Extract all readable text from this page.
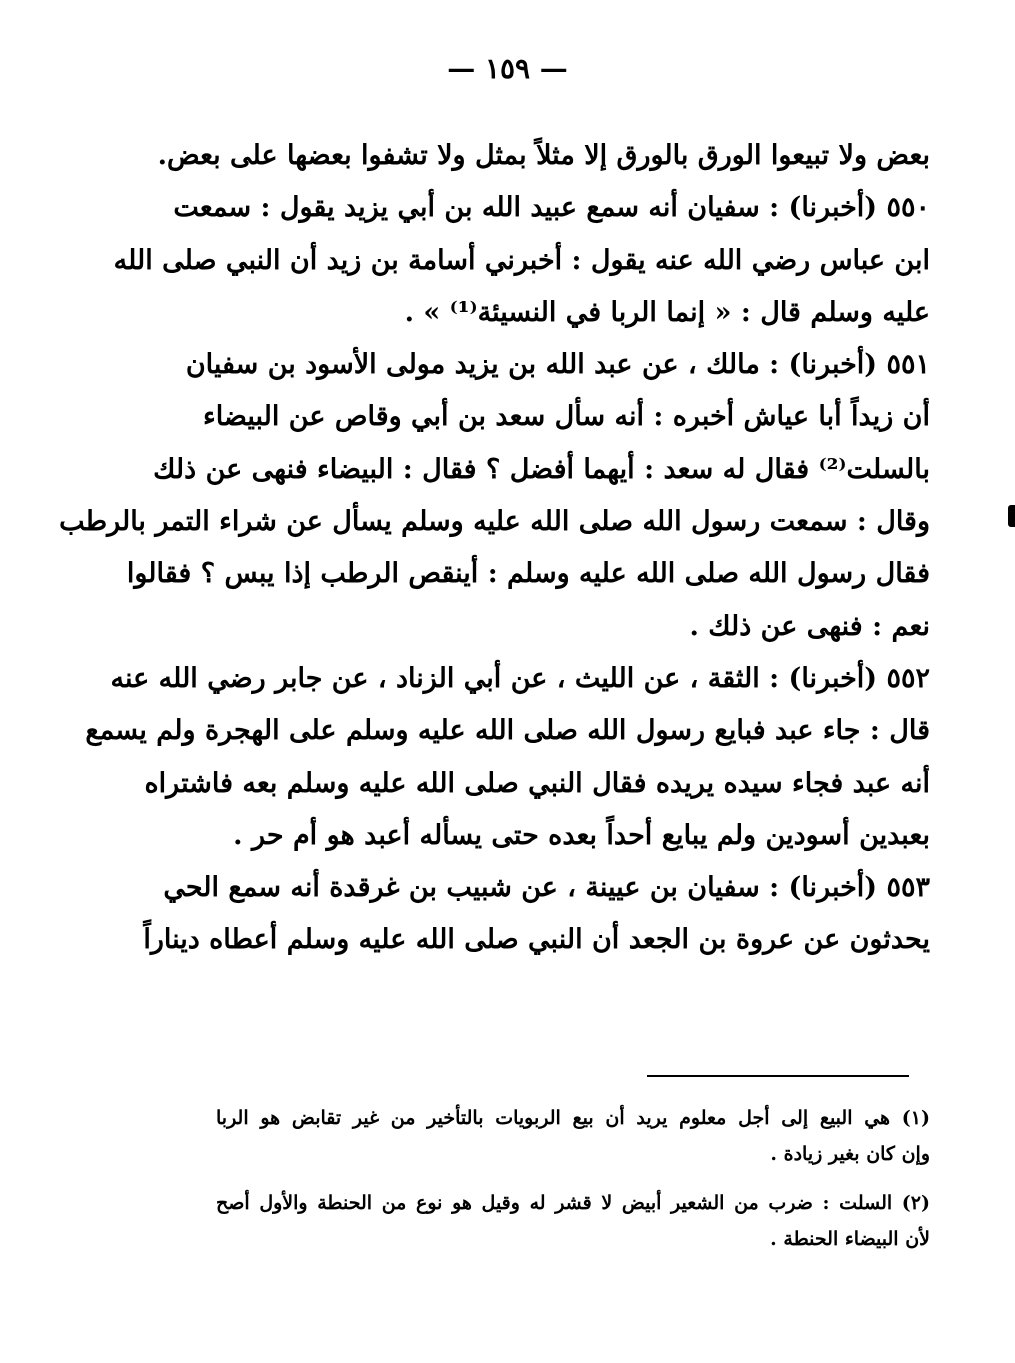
— ١٥٩ —
بعض ولا تبيعوا الورق بالورق إلا مثلاً بمثل ولا تشفوا بعضها على بعض.
٥٥٠ (أخبرنا) : سفيان أنه سمع عبيد الله بن أبي يزيد يقول : سمعت
ابن عباس رضي الله عنه يقول : أخبرني أسامة بن زيد أن النبي صلى الله
عليه وسلم قال : « إنما الربا في النسيئة⁽¹⁾ » .
٥٥١ (أخبرنا) : مالك ، عن عبد الله بن يزيد مولى الأسود بن سفيان
أن زيداً أبا عياش أخبره : أنه سأل سعد بن أبي وقاص عن البيضاء
بالسلت⁽²⁾ فقال له سعد : أيهما أفضل ؟ فقال : البيضاء فنهى عن ذلك
وقال : سمعت رسول الله صلى الله عليه وسلم يسأل عن شراء التمر بالرطب
فقال رسول الله صلى الله عليه وسلم : أينقص الرطب إذا يبس ؟ فقالوا
نعم : فنهى عن ذلك .
٥٥٢ (أخبرنا) : الثقة ، عن الليث ، عن أبي الزناد ، عن جابر رضي الله عنه
قال : جاء عبد فبايع رسول الله صلى الله عليه وسلم على الهجرة ولم يسمع
أنه عبد فجاء سيده يريده فقال النبي صلى الله عليه وسلم بعه فاشتراه
بعبدين أسودين ولم يبايع أحداً بعده حتى يسأله أعبد هو أم حر .
٥٥٣ (أخبرنا) : سفيان بن عيينة ، عن شبيب بن غرقدة أنه سمع الحي
يحدثون عن عروة بن الجعد أن النبي صلى الله عليه وسلم أعطاه ديناراً
(١) هي البيع إلى أجل معلوم يريد أن بيع الربويات بالتأخير من غير تقابض هو الربا
وإن كان بغير زيادة .
(٢) السلت : ضرب من الشعير أبيض لا قشر له وقيل هو نوع من الحنطة والأول أصح
لأن البيضاء الحنطة .
